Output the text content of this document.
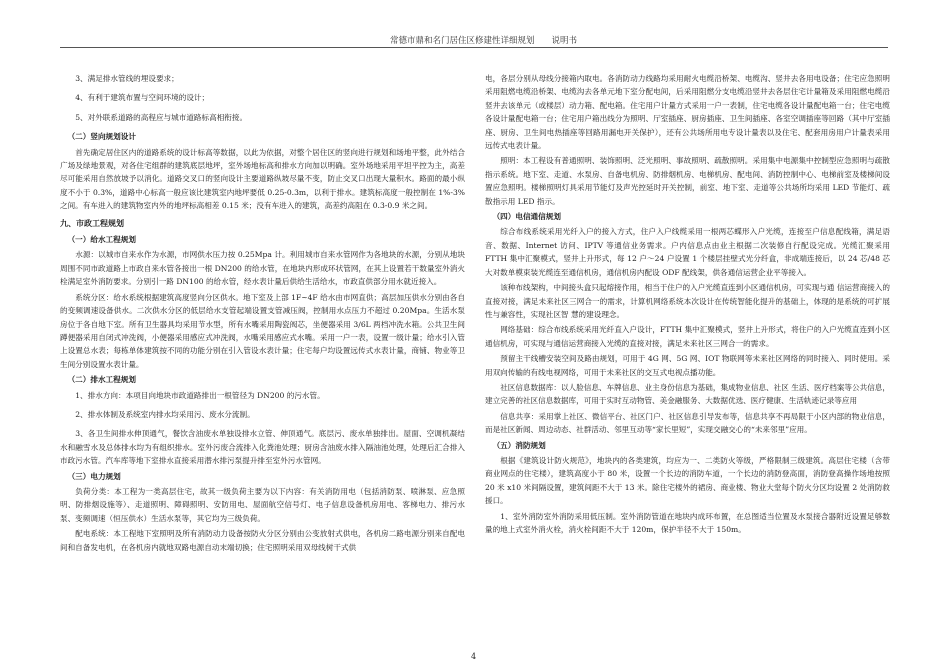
常德市鼎和名门居住区修建性详细规划　　说明书

3、满足排水管线的埋设要求；

4、有利于建筑布置与空间环境的设计；

5、对外联系道路的高程应与城市道路标高相衔接。

（二）竖向规划设计

首先确定居住区内的道路系统的设计标高等数据，以此为依据，对整个居住区的竖向进行规划和场地平整，此外结合广场及绿地景观，对各住宅组群的建筑底层地坪，室外场地标高和排水方向加以明确。室外场地采用平坦平控为主，高差尽可能采用自然放坡予以消化。道路交叉口的竖向设计主要道路纵坡尽量不变，防止交叉口出现大量积水。路面的最小纵度不小于 0.3%，道路中心标高一般应该比建筑室内地坪要低 0.25-0.3m，以利于排水。建筑标高度一般控制在 1%-3%之间。有车进入的建筑物室内外的地坪标高相差 0.15 米；没有车进入的建筑，高差约高阻在 0.3-0.9 米之间。

九、市政工程规划

（一）给水工程规划

水源：以城市自来水作为水源，市网供水压力按 0.25Mpa 计。利用城市自来水管网作为各地块的水源，分别从地块周围不同市政道路上市政自来水管各接出一根 DN200 的给水管，在地块内形成环状管网，在其上设置若干数量室外消火栓满足室外消防要求。分别引一路 DN100 的给水管，经水表计量后供给生活给水，市政直供部分用水就近接入。

系统分区：给水系统根据建筑高度竖向分区供水。地下室及上部 1F~4F 给水由市网直供；高层加压供水分别由各自的变频调速设备供水。二次供水分区的低层给水支管起端设置支管减压阀，控制用水点压力不超过 0.20Mpa。生活水泵房位于各自地下室。所有卫生器具均采用节水型，所有水嘴采用陶瓷阀芯，坐便器采用 3/6L 两档冲洗水箱。公共卫生间蹲便器采用自闭式冲洗阀，小便器采用感应式冲洗阀，水嘴采用感应式水嘴。采用一户一表，设置一级计量；给水引入管上设置总水表；每栋单体建筑按不同的功能分别在引入管设水表计量；住宅每户均设置远传式水表计量，商铺、物业等卫生间分别设置水表计量。

（二）排水工程规划

1、排水方向：本项目向地块市政道路排出一根管径为 DN200 的污水管。

2、排水体制及系统室内排水均采用污、废水分流制。

3、各卫生间排水伸顶通气，餐饮含油废水单独设排水立管、伸顶通气。底层污、废水单独排出。屋面、空调机凝结水和融雪水及总体排水均为有组织排水。室外污废合流排入化粪池处理；厨房含油废水排入隔油池处理，处理后汇合排入市政污水管。汽车库等地下室排水直接采用潜水排污泵提升排至室外污水管网。

（三）电力规划

负荷分类：本工程为一类高层住宅，故其一级负荷主要为以下内容：有关消防用电（包括消防泵、喷淋泵、应急照明、防排烟设施等）、走道照明、障碍照明、安防用电、屋面航空信号灯、电子信息设备机房用电、客梯电力、排污水泵、变频调速（恒压供水）生活水泵等，其它均为三级负荷。

配电系统：本工程地下室照明及所有消防动力设备按防火分区分别由公变放射式供电，各机房二路电源分别来自配电间和自备发电机，在各机房内就地双路电源自动末端切换；住宅照明采用双母线树干式供

电，各层分别从母线分接箱内取电。各消防动力线路均采用耐火电缆沿桥架、电缆沟、竖井去各用电设备；住宅应急照明采用阻燃电缆沿桥架、电缆沟去各单元地下室分配电间，后采用阻燃分支电缆沿竖井去各层住宅计量箱及采用阻燃电缆沿竖井去该单元（或楼层）动力箱、配电箱。住宅用户计量方式采用一户一表制，住宅电缆各设计量配电箱一台；住宅电缆各设计量配电箱一台；住宅用户箱出线分为照明、厅室插座、厨房插座、卫生间插座、各室空调插座等回路（其中厅室插座、厨房、卫生间电热插座等回路用漏电开关保护），还有公共场所用电专设计量表以及住宅、配套用房用户计量表采用远传式电表计量。

照明：本工程设有普通照明、装饰照明、泛光照明、事故照明、疏散照明。采用集中电源集中控制型应急照明与疏散指示系统。地下室、走道、水泵房、自备电机房、防排烟机房、电梯机房、配电间、消防控制中心、电梯前室及楼梯间设置应急照明。楼梯照明灯具采用节能灯及声光控延时开关控制，前室、地下室、走道等公共场所均采用 LED 节能灯、疏散指示用 LED 指示。

（四）电信通信规划

综合布线系统采用光纤入户的接入方式，住户入户线缆采用一根两芯蝶形入户光缆，连接至户信息配线箱，满足语音、数据、Internet 访问、IPTV 等通信业务需求。户内信息点由业主根据二次装修自行配设完成。光缆汇聚采用 FTTH 集中汇聚模式，竖井上升形式，每 12 户～24 户设置 1 个楼层挂壁式光分纤盒，非成端连接后，以 24 芯/48 芯大对数单模束装光缆连至通信机房，通信机房内配设 ODF 配线架，供各通信运营企业平等接入。

该种布线架构，中间接头盒只起熔接作用，相当于住户的入户光缆直连到小区通信机房，可实现与通 信运营商接入的直接对接，满足未来社区三网合一的需求，计算机网络系统本次设计在传统智能化提升的基础上，体现的是系统的可扩展性与兼容性，实现社区智 慧的建设理念。

网络基础：综合布线系统采用光纤直入户设计，FTTH 集中汇聚模式，竖井上升形式，将住户的入户光缆直连到小区通信机房，可实现与通信运营商接入光缆的直接对接，满足未来社区三网合一的需求。

预留主干线槽安装空间及路由规划，可用于 4G 网、5G 网、IOT 物联网等未来社区网络的同时接入、同时使用。采用双向传输的有线电视网络，可用于未来社区的交互式电视点播功能。

社区信息数据库：以人脸信息、车牌信息、业主身份信息为基础，集成物业信息、社区 生活、医疗档案等公共信息，建立完善的社区信息数据库，可用于实时互动物管、美金融服务、大数据优选、医疗健康、生活轨迹记录等应用

信息共享：采用掌上社区、微信平台、社区门户、社区信息引导发布等，信息共享不再局限于小区内部的物业信息，而是社区新闻、周边动态、社群活动、邻里互动等“家长里短”，实现交融交心的“未来邻里”应用。

（五）消防规划

根据《建筑设计防火规范》，地块内的各类建筑，均应为一、二类防火等级，严格限制三级建筑。高层住宅楼（含带商业网点的住宅楼），建筑高度小于 80 米，设置一个长边的消防车道，一个长边的消防登高面，消防登高操作场地按照 20 米 x10 米间隔设置，建筑间距不大于 13 米。除住宅楼外的裙房、商业楼、物业大堂每个防火分区均设置 2 处消防救援口。

1、室外消防室外消防采用低压制。室外消防管道在地块内成环布置，在总图适当位置及水泵接合器附近设置足够数量的地上式室外消火栓，消火栓间距不大于 120m，保护半径不大于 150m。

4
